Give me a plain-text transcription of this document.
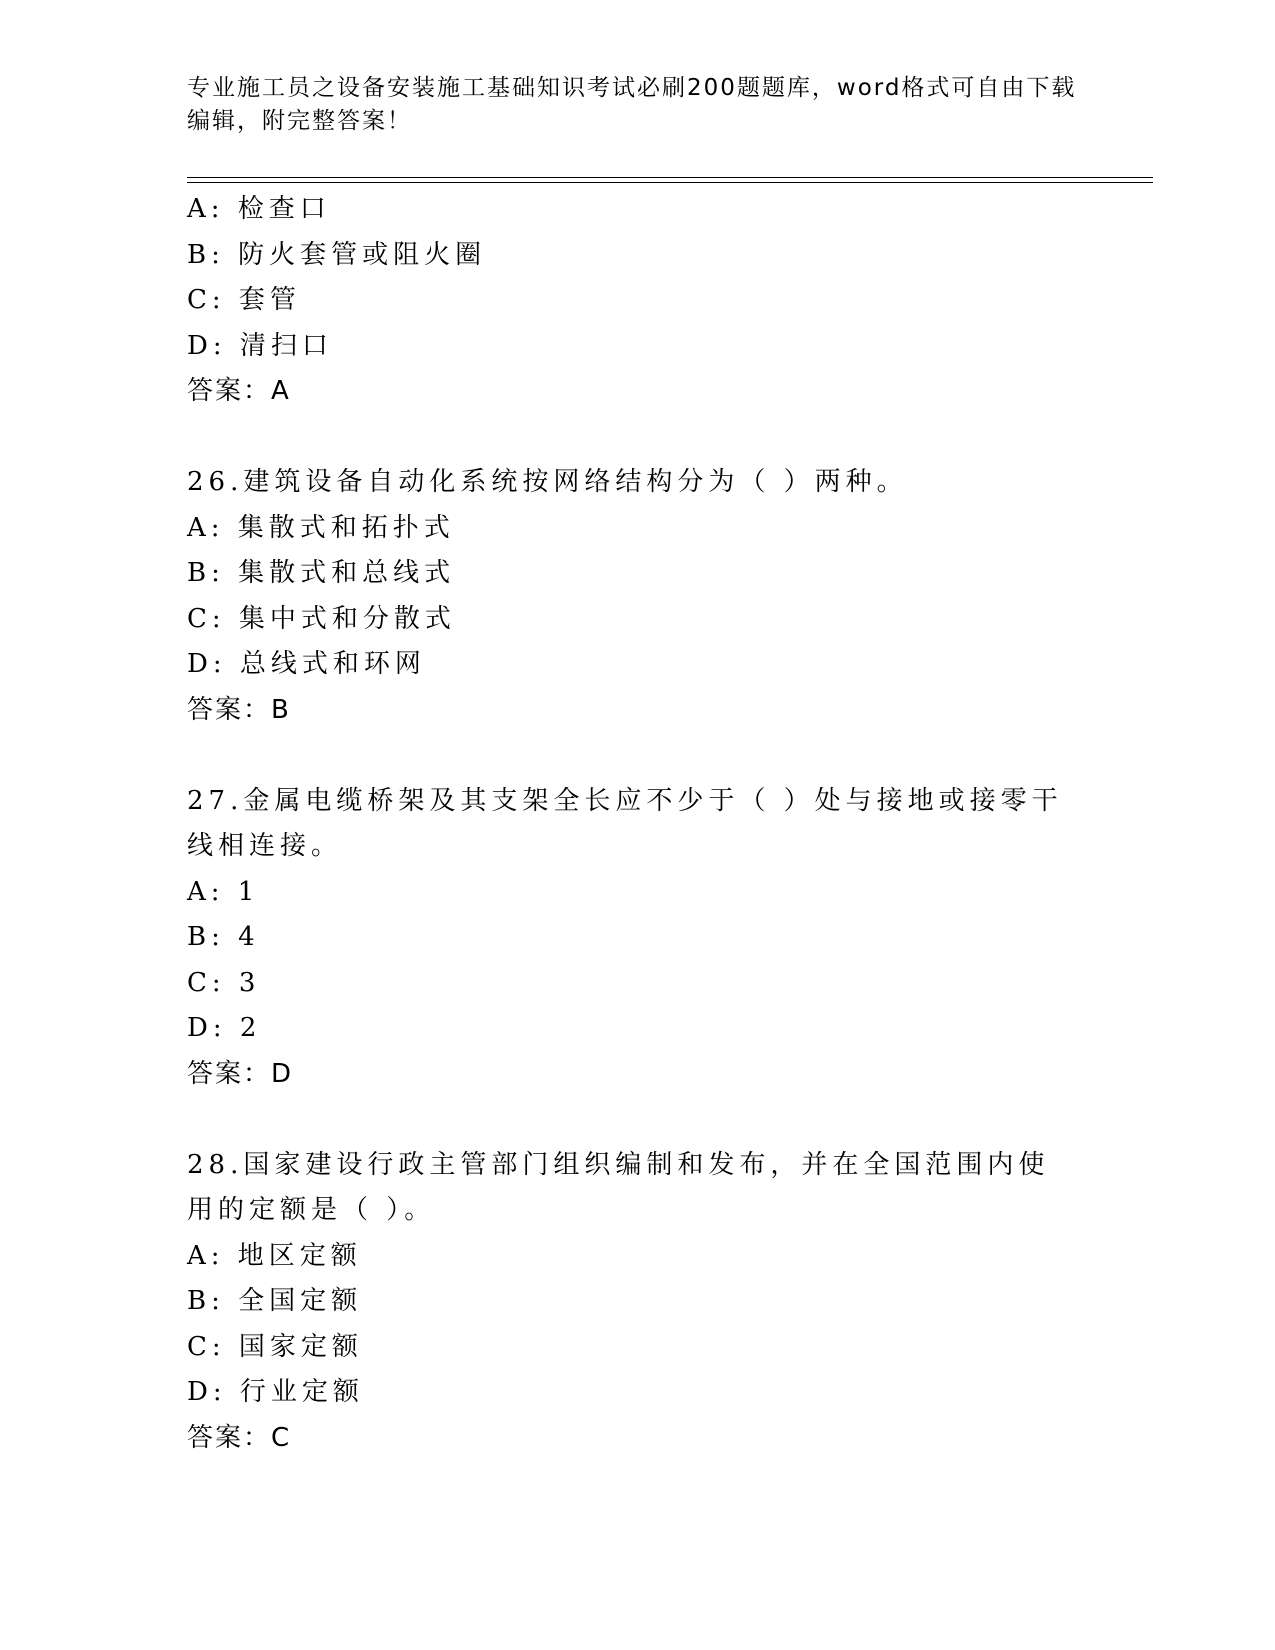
专业施工员之设备安装施工基础知识考试必刷200题题库，word格式可自由下载编辑，附完整答案！
A: 检查口
B: 防火套管或阻火圈
C: 套管
D: 清扫口
答案：A
26.建筑设备自动化系统按网络结构分为（ ）两种。
A: 集散式和拓扑式
B: 集散式和总线式
C: 集中式和分散式
D: 总线式和环网
答案：B
27.金属电缆桥架及其支架全长应不少于（ ）处与接地或接零干线相连接。
A: 1
B: 4
C: 3
D: 2
答案：D
28.国家建设行政主管部门组织编制和发布，并在全国范围内使用的定额是（ ）。
A: 地区定额
B: 全国定额
C: 国家定额
D: 行业定额
答案：C
